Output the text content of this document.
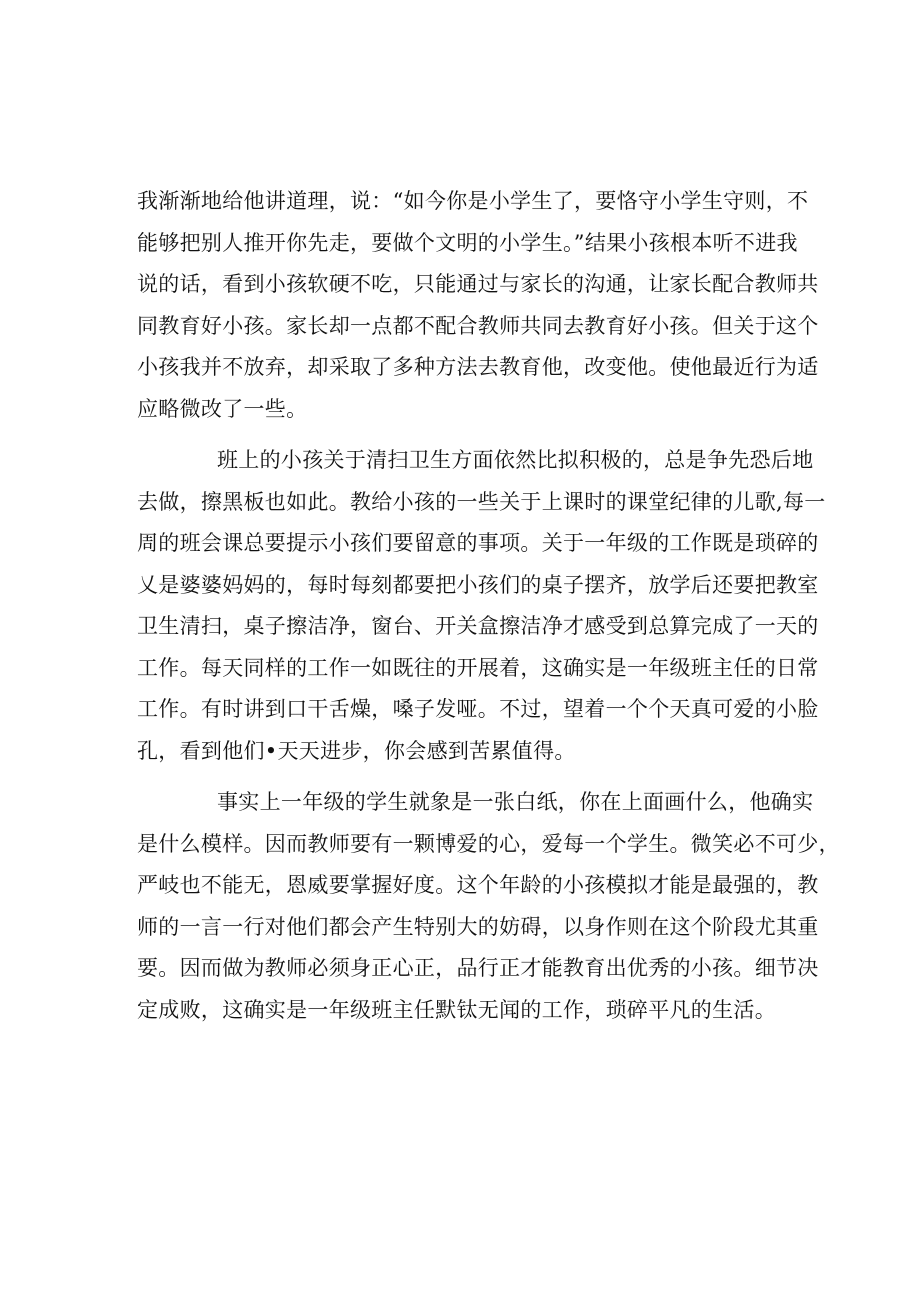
我渐渐地给他讲道理，说：“如今你是小学生了，要恪守小学生守则，不
能够把别人推开你先走，要做个文明的小学生。”结果小孩根本听不进我
说的话，看到小孩软硬不吃，只能通过与家长的沟通，让家长配合教师共
同教育好小孩。家长却一点都不配合教师共同去教育好小孩。但关于这个
小孩我并不放弃，却采取了多种方法去教育他，改变他。使他最近行为适
应略微改了一些。
班上的小孩关于清扫卫生方面依然比拟积极的，总是争先恐后地
去做，擦黑板也如此。教给小孩的一些关于上课时的课堂纪律的儿歌,每一
周的班会课总要提示小孩们要留意的事项。关于一年级的工作既是琐碎的
乂是婆婆妈妈的，每时每刻都要把小孩们的桌子摆齐，放学后还要把教室
卫生清扫，桌子擦洁净，窗台、开关盒擦洁净才感受到总算完成了一天的
工作。每天同样的工作一如既往的开展着，这确实是一年级班主任的日常
工作。有时讲到口干舌燥，嗓子发哑。不过，望着一个个天真可爱的小脸
孔，看到他们•天天进步，你会感到苦累值得。
事实上一年级的学生就象是一张白纸，你在上面画什么，他确实
是什么模样。因而教师要有一颗博爱的心，爱每一个学生。微笑必不可少，
严岐也不能无，恩威要掌握好度。这个年龄的小孩模拟才能是最强的，教
师的一言一行对他们都会产生特别大的妨碍，以身作则在这个阶段尤其重
要。因而做为教师必须身正心正，品行正才能教育出优秀的小孩。细节决
定成败，这确实是一年级班主任默钛无闻的工作，琐碎平凡的生活。
